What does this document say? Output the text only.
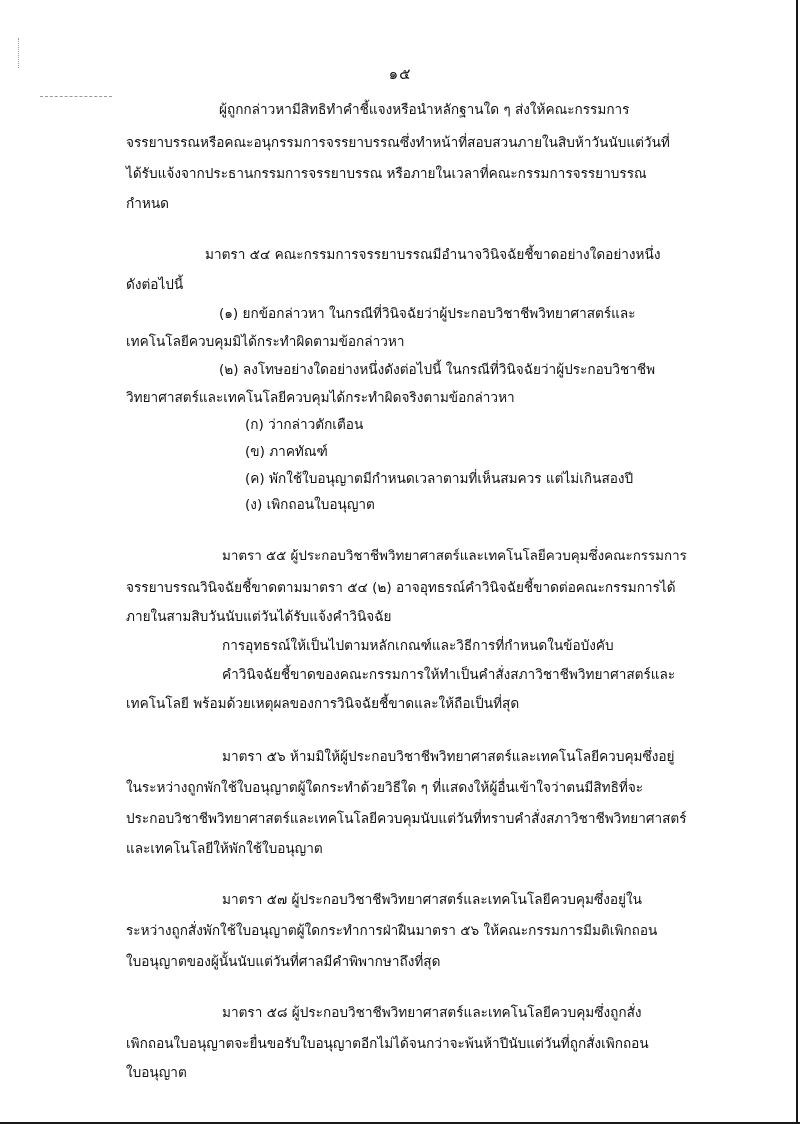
๑๕
ผู้ถูกกล่าวหามีสิทธิทำคำชี้แจงหรือนำหลักฐานใด ๆ ส่งให้คณะกรรมการ
จรรยาบรรณหรือคณะอนุกรรมการจรรยาบรรณซึ่งทำหน้าที่สอบสวนภายในสิบห้าวันนับแต่วันที่
ได้รับแจ้งจากประธานกรรมการจรรยาบรรณ หรือภายในเวลาที่คณะกรรมการจรรยาบรรณ
กำหนด
มาตรา ๕๔ คณะกรรมการจรรยาบรรณมีอำนาจวินิจฉัยชี้ขาดอย่างใดอย่างหนึ่ง
ดังต่อไปนี้
(๑) ยกข้อกล่าวหา ในกรณีที่วินิจฉัยว่าผู้ประกอบวิชาชีพวิทยาศาสตร์และ
เทคโนโลยีควบคุมมิได้กระทำผิดตามข้อกล่าวหา
(๒) ลงโทษอย่างใดอย่างหนึ่งดังต่อไปนี้ ในกรณีที่วินิจฉัยว่าผู้ประกอบวิชาชีพ
วิทยาศาสตร์และเทคโนโลยีควบคุมได้กระทำผิดจริงตามข้อกล่าวหา
(ก) ว่ากล่าวตักเตือน
(ข) ภาคทัณฑ์
(ค) พักใช้ใบอนุญาตมีกำหนดเวลาตามที่เห็นสมควร แต่ไม่เกินสองปี
(ง) เพิกถอนใบอนุญาต
มาตรา ๕๕ ผู้ประกอบวิชาชีพวิทยาศาสตร์และเทคโนโลยีควบคุมซึ่งคณะกรรมการ
จรรยาบรรณวินิจฉัยชี้ขาดตามมาตรา ๕๔ (๒) อาจอุทธรณ์คำวินิจฉัยชี้ขาดต่อคณะกรรมการได้
ภายในสามสิบวันนับแต่วันได้รับแจ้งคำวินิจฉัย
การอุทธรณ์ให้เป็นไปตามหลักเกณฑ์และวิธีการที่กำหนดในข้อบังคับ
คำวินิจฉัยชี้ขาดของคณะกรรมการให้ทำเป็นคำสั่งสภาวิชาชีพวิทยาศาสตร์และ
เทคโนโลยี พร้อมด้วยเหตุผลของการวินิจฉัยชี้ขาดและให้ถือเป็นที่สุด
มาตรา ๕๖ ห้ามมิให้ผู้ประกอบวิชาชีพวิทยาศาสตร์และเทคโนโลยีควบคุมซึ่งอยู่
ในระหว่างถูกพักใช้ใบอนุญาตผู้ใดกระทำด้วยวิธีใด ๆ ที่แสดงให้ผู้อื่นเข้าใจว่าตนมีสิทธิที่จะ
ประกอบวิชาชีพวิทยาศาสตร์และเทคโนโลยีควบคุมนับแต่วันที่ทราบคำสั่งสภาวิชาชีพวิทยาศาสตร์
และเทคโนโลยีให้พักใช้ใบอนุญาต
มาตรา ๕๗ ผู้ประกอบวิชาชีพวิทยาศาสตร์และเทคโนโลยีควบคุมซึ่งอยู่ใน
ระหว่างถูกสั่งพักใช้ใบอนุญาตผู้ใดกระทำการฝ่าฝืนมาตรา ๕๖ ให้คณะกรรมการมีมติเพิกถอน
ใบอนุญาตของผู้นั้นนับแต่วันที่ศาลมีคำพิพากษาถึงที่สุด
มาตรา ๕๘ ผู้ประกอบวิชาชีพวิทยาศาสตร์และเทคโนโลยีควบคุมซึ่งถูกสั่ง
เพิกถอนใบอนุญาตจะยื่นขอรับใบอนุญาตอีกไม่ได้จนกว่าจะพ้นห้าปีนับแต่วันที่ถูกสั่งเพิกถอน
ใบอนุญาต
